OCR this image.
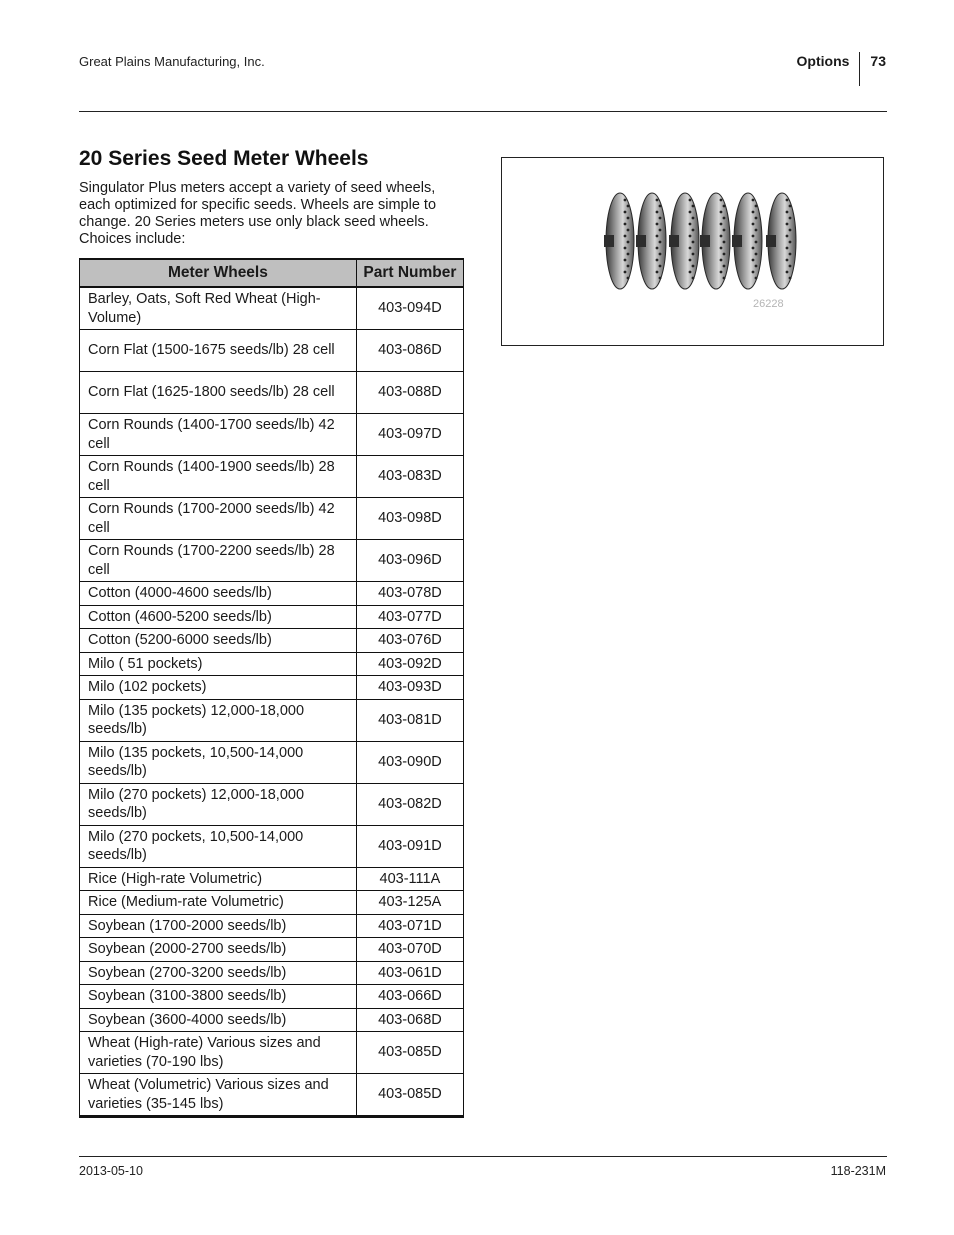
Great Plains Manufacturing, Inc.	Options	73
20 Series Seed Meter Wheels

Singulator Plus meters accept a variety of seed wheels, each optimized for specific seeds. Wheels are simple to change. 20 Series meters use only black seed wheels. Choices include:

Meter Wheels	Part Number
Barley, Oats, Soft Red Wheat (High-Volume)	403-094D
Corn Flat (1500-1675 seeds/lb) 28 cell	403-086D
Corn Flat (1625-1800 seeds/lb) 28 cell	403-088D
Corn Rounds (1400-1700 seeds/lb) 42 cell	403-097D
Corn Rounds (1400-1900 seeds/lb) 28 cell	403-083D
Corn Rounds (1700-2000 seeds/lb) 42 cell	403-098D
Corn Rounds (1700-2200 seeds/lb) 28 cell	403-096D
Cotton (4000-4600 seeds/lb)	403-078D
Cotton (4600-5200 seeds/lb)	403-077D
Cotton (5200-6000 seeds/lb)	403-076D
Milo ( 51 pockets)	403-092D
Milo (102 pockets)	403-093D
Milo (135 pockets) 12,000-18,000 seeds/lb)	403-081D
Milo (135 pockets, 10,500-14,000 seeds/lb)	403-090D
Milo (270 pockets) 12,000-18,000 seeds/lb)	403-082D
Milo (270 pockets, 10,500-14,000 seeds/lb)	403-091D
Rice (High-rate Volumetric)	403-111A
Rice (Medium-rate Volumetric)	403-125A
Soybean (1700-2000 seeds/lb)	403-071D
Soybean (2000-2700 seeds/lb)	403-070D
Soybean (2700-3200 seeds/lb)	403-061D
Soybean (3100-3800 seeds/lb)	403-066D
Soybean (3600-4000 seeds/lb)	403-068D
Wheat (High-rate) Various sizes and varieties (70-190 lbs)	403-085D
Wheat (Volumetric) Various sizes and varieties (35-145 lbs)	403-085D
26228
2013-05-10	118-231M
